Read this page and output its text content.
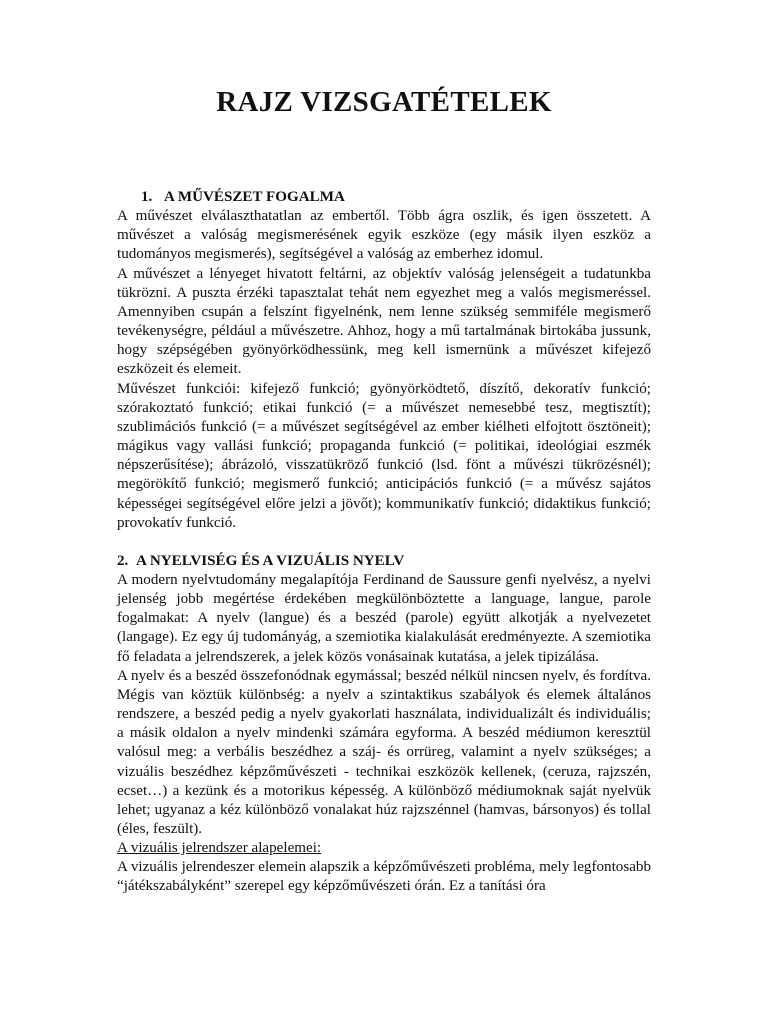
RAJZ VIZSGATÉTELEK
1. A MŰVÉSZET FOGALMA

A művészet elválaszthatatlan az embertől. Több ágra oszlik, és igen összetett. A művészet a valóság megismerésének egyik eszköze (egy másik ilyen eszköz a tudományos megismerés), segítségével a valóság az emberhez idomul.

A művészet a lényeget hivatott feltárni, az objektív valóság jelenségeit a tudatunkba tükrözni. A puszta érzéki tapasztalat tehát nem egyezhet meg a valós megismeréssel. Amennyiben csupán a felszínt figyelnénk, nem lenne szükség semmiféle megismerő tevékenységre, például a művészetre. Ahhoz, hogy a mű tartalmának birtokába jussunk, hogy szépségében gyönyörködhessünk, meg kell ismernünk a művészet kifejező eszközeit és elemeit.

Művészet funkciói: kifejező funkció; gyönyörködtető, díszítő, dekoratív funkció; szórakoztató funkció; etikai funkció (= a művészet nemesebbé tesz, megtisztít); szublimációs funkció (= a művészet segítségével az ember kiélheti elfojtott ösztöneit); mágikus vagy vallási funkció; propaganda funkció (= politikai, ideológiai eszmék népszerűsítése); ábrázoló, visszatükröző funkció (lsd. fönt a művészi tükrözésnél); megörökítő funkció; megismerő funkció; anticipációs funkció (= a művész sajátos képességei segítségével előre jelzi a jövőt); kommunikatív funkció; didaktikus funkció; provokatív funkció.

2. A NYELVISÉG ÉS A VIZUÁLIS NYELV

A modern nyelvtudomány megalapítója Ferdinand de Saussure genfi nyelvész, a nyelvi jelenség jobb megértése érdekében megkülönböztette a language, langue, parole fogalmakat: A nyelv (langue) és a beszéd (parole) együtt alkotják a nyelvezetet (langage). Ez egy új tudományág, a szemiotika kialakulását eredményezte. A szemiotika fő feladata a jelrendszerek, a jelek közös vonásainak kutatása, a jelek tipizálása.

A nyelv és a beszéd összefonódnak egymással; beszéd nélkül nincsen nyelv, és fordítva. Mégis van köztük különbség: a nyelv a szintaktikus szabályok és elemek általános rendszere, a beszéd pedig a nyelv gyakorlati használata, individualizált és individuális; a másik oldalon a nyelv mindenki számára egyforma. A beszéd médiumon keresztül valósul meg: a verbális beszédhez a száj- és orrüreg, valamint a nyelv szükséges; a vizuális beszédhez képzőművészeti - technikai eszközök kellenek, (ceruza, rajzszén, ecset…) a kezünk és a motorikus képesség. A különböző médiumoknak saját nyelvük lehet; ugyanaz a kéz különböző vonalakat húz rajzszénnel (hamvas, bársonyos) és tollal (éles, feszült).

A vizuális jelrendszer alapelemei:

A vizuális jelrendeszer elemein alapszik a képzőművészeti probléma, mely legfontosabb “játékszabályként” szerepel egy képzőművészeti órán. Ez a tanítási óra
